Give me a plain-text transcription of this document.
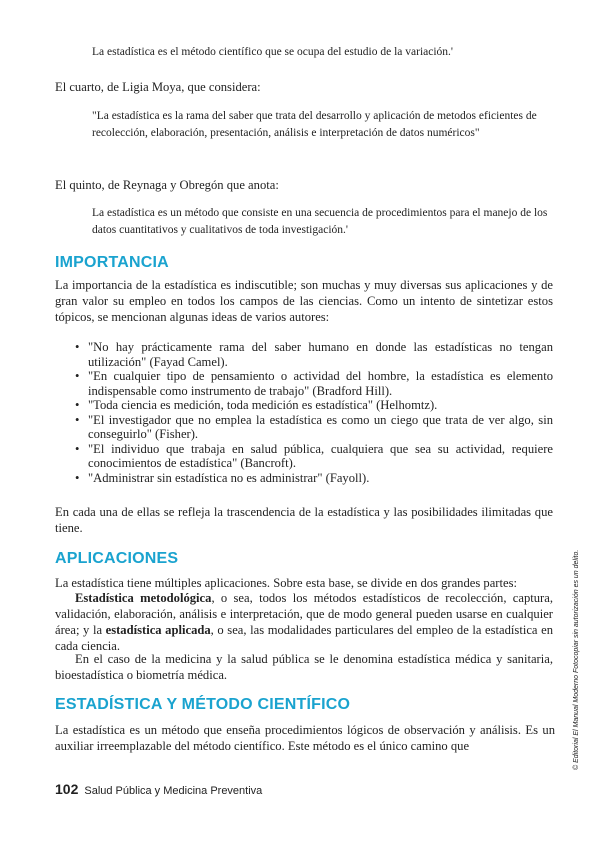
La estadística es el método científico que se ocupa del estudio de la variación.'

El cuarto, de Ligia Moya, que considera:

"La estadística es la rama del saber que trata del desarrollo y aplicación de metodos eficientes de recolección, elaboración, presentación, análisis e interpretación de datos numéricos"

El quinto, de Reynaga y Obregón que anota:

La estadística es un método que consiste en una secuencia de procedimientos para el manejo de los datos cuantitativos y cualitativos de toda investigación.'

IMPORTANCIA

La importancia de la estadística es indiscutible; son muchas y muy diversas sus aplicaciones y de gran valor su empleo en todos los campos de las ciencias. Como un intento de sintetizar estos tópicos, se mencionan algunas ideas de varios autores:

• "No hay prácticamente rama del saber humano en donde las estadísticas no tengan utilización" (Fayad Camel).
• "En cualquier tipo de pensamiento o actividad del hombre, la estadística es elemento indispensable como instrumento de trabajo" (Bradford Hill).
• "Toda ciencia es medición, toda medición es estadística" (Helhomtz).
• "El investigador que no emplea la estadística es como un ciego que trata de ver algo, sin conseguirlo" (Fisher).
• "El individuo que trabaja en salud pública, cualquiera que sea su actividad, requiere conocimientos de estadística" (Bancroft).
• "Administrar sin estadística no es administrar" (Fayoll).

En cada una de ellas se refleja la trascendencia de la estadística y las posibilidades ilimitadas que tiene.

APLICACIONES

La estadística tiene múltiples aplicaciones. Sobre esta base, se divide en dos grandes partes:

Estadística metodológica, o sea, todos los métodos estadísticos de recolección, captura, validación, elaboración, análisis e interpretación, que de modo general pueden usarse en cualquier área; y la estadística aplicada, o sea, las modalidades particulares del empleo de la estadística en cada ciencia.

En el caso de la medicina y la salud pública se le denomina estadística médica y sanitaria, bioestadística o biometría médica.

ESTADÍSTICA Y MÉTODO CIENTÍFICO

La estadística es un método que enseña procedimientos lógicos de observación y análisis. Es un auxiliar irreemplazable del método científico. Este método es el único camino que

102 Salud Pública y Medicina Preventiva
© Editorial El Manual Moderno Fotocopiar sin autorización es un delito.
